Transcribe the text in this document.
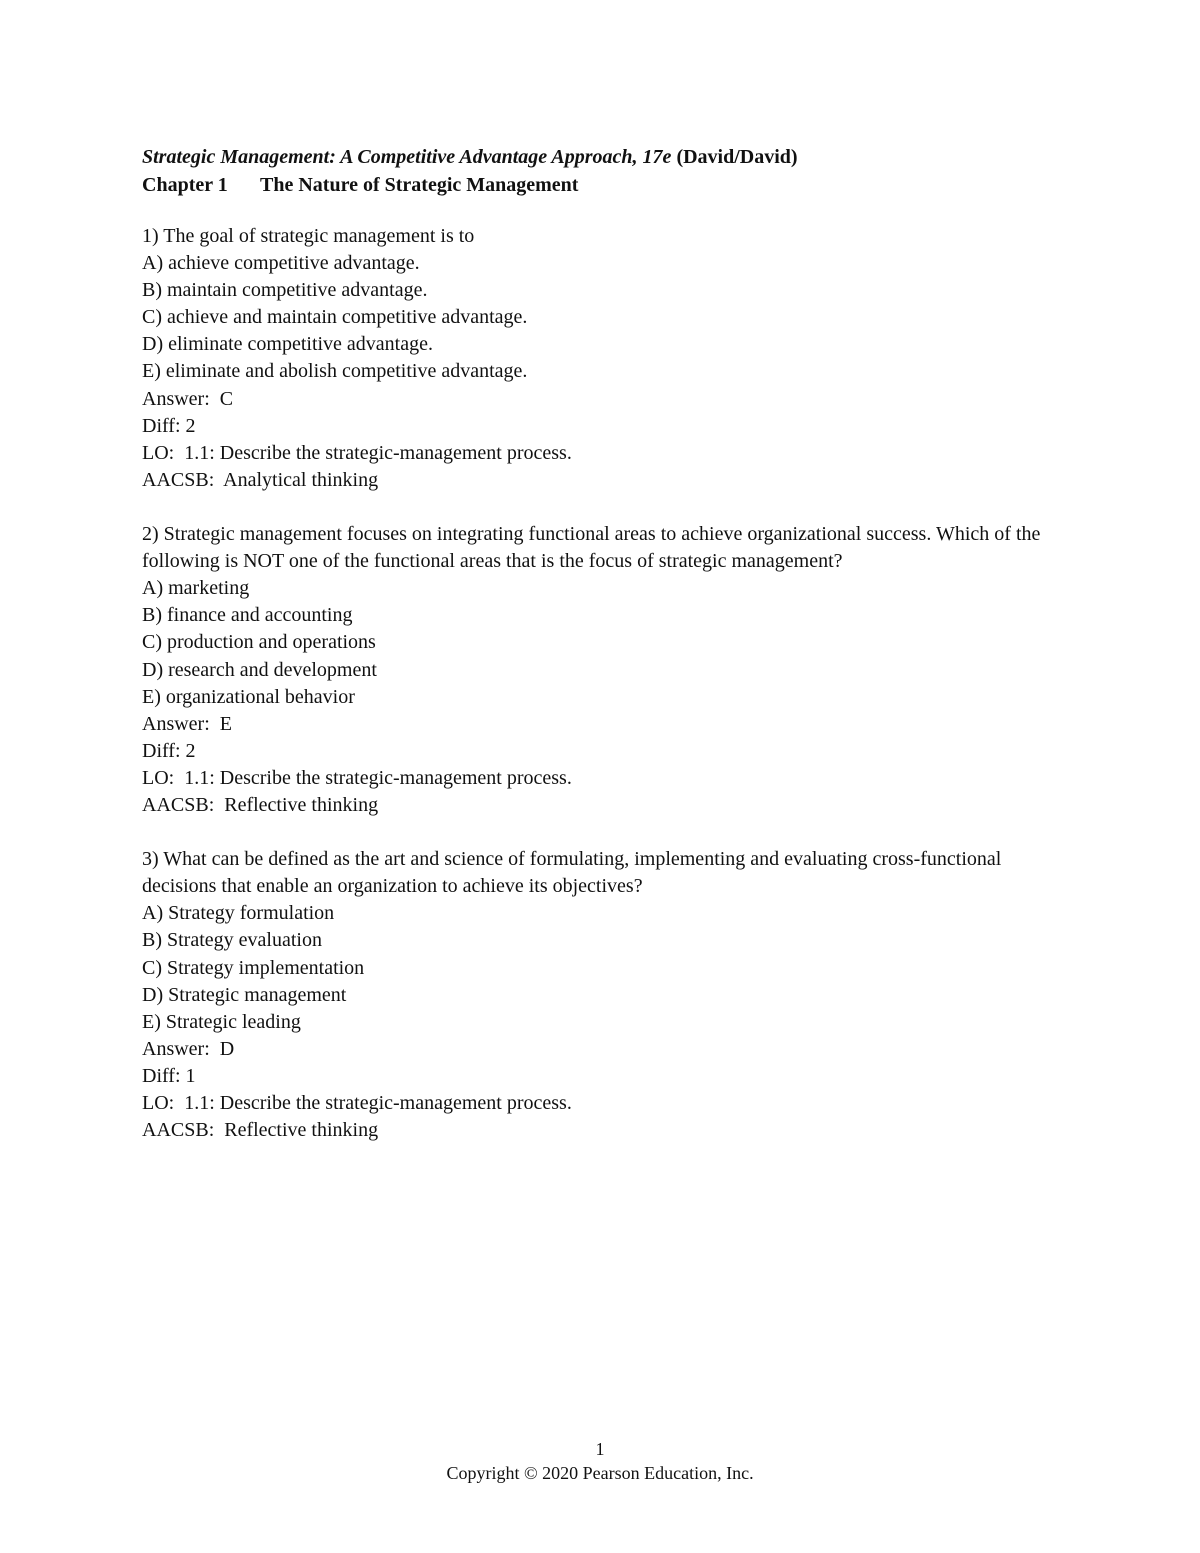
Strategic Management: A Competitive Advantage Approach, 17e (David/David)
Chapter 1 The Nature of Strategic Management
1) The goal of strategic management is to
A) achieve competitive advantage.
B) maintain competitive advantage.
C) achieve and maintain competitive advantage.
D) eliminate competitive advantage.
E) eliminate and abolish competitive advantage.
Answer:  C
Diff: 2
LO:  1.1: Describe the strategic-management process.
AACSB:  Analytical thinking
2) Strategic management focuses on integrating functional areas to achieve organizational success. Which of the following is NOT one of the functional areas that is the focus of strategic management?
A) marketing
B) finance and accounting
C) production and operations
D) research and development
E) organizational behavior
Answer:  E
Diff: 2
LO:  1.1: Describe the strategic-management process.
AACSB:  Reflective thinking
3) What can be defined as the art and science of formulating, implementing and evaluating cross-functional decisions that enable an organization to achieve its objectives?
A) Strategy formulation
B) Strategy evaluation
C) Strategy implementation
D) Strategic management
E) Strategic leading
Answer:  D
Diff: 1
LO:  1.1: Describe the strategic-management process.
AACSB:  Reflective thinking
1
Copyright © 2020 Pearson Education, Inc.
